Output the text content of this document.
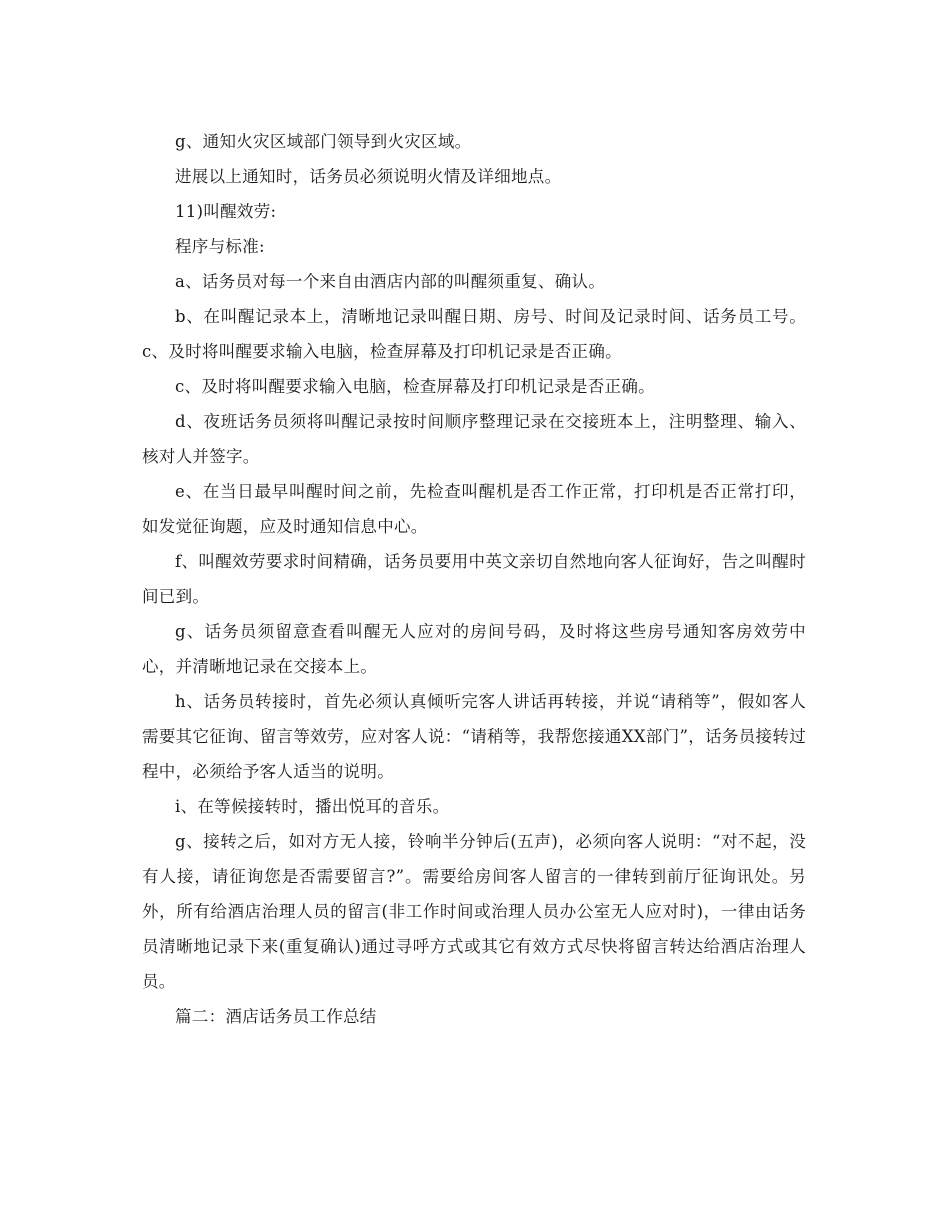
g、通知火灾区域部门领导到火灾区域。

进展以上通知时，话务员必须说明火情及详细地点。

11)叫醒效劳:

程序与标准:

a、话务员对每一个来自由酒店内部的叫醒须重复、确认。

b、在叫醒记录本上，清晰地记录叫醒日期、房号、时间及记录时间、话务员工号。c、及时将叫醒要求输入电脑，检查屏幕及打印机记录是否正确。

c、及时将叫醒要求输入电脑，检查屏幕及打印机记录是否正确。

d、夜班话务员须将叫醒记录按时间顺序整理记录在交接班本上，注明整理、输入、核对人并签字。

e、在当日最早叫醒时间之前，先检查叫醒机是否工作正常，打印机是否正常打印，如发觉征询题，应及时通知信息中心。

f、叫醒效劳要求时间精确，话务员要用中英文亲切自然地向客人征询好，告之叫醒时间已到。

g、话务员须留意查看叫醒无人应对的房间号码，及时将这些房号通知客房效劳中心，并清晰地记录在交接本上。

h、话务员转接时，首先必须认真倾听完客人讲话再转接，并说“请稍等”，假如客人需要其它征询、留言等效劳，应对客人说：“请稍等，我帮您接通XX部门”，话务员接转过程中，必须给予客人适当的说明。

i、在等候接转时，播出悦耳的音乐。

g、接转之后，如对方无人接，铃响半分钟后(五声)，必须向客人说明：“对不起，没有人接，请征询您是否需要留言?”。需要给房间客人留言的一律转到前厅征询讯处。另外，所有给酒店治理人员的留言(非工作时间或治理人员办公室无人应对时)，一律由话务员清晰地记录下来(重复确认)通过寻呼方式或其它有效方式尽快将留言转达给酒店治理人员。

篇二：酒店话务员工作总结
